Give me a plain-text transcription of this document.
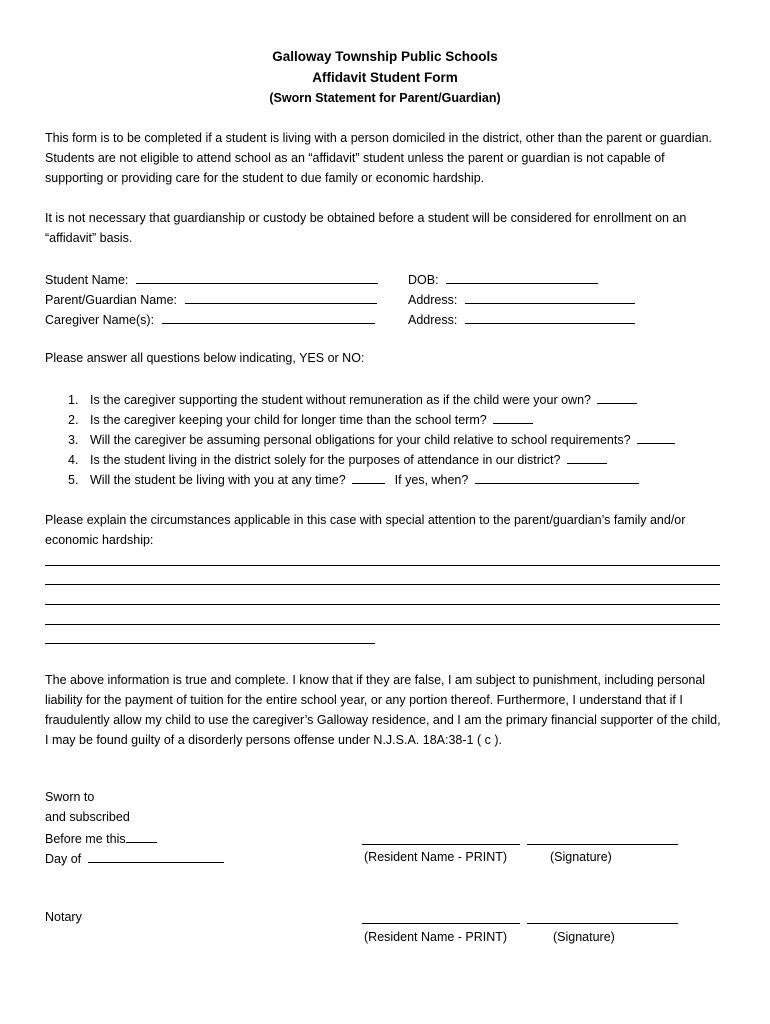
Galloway Township Public Schools
Affidavit Student Form
(Sworn Statement for Parent/Guardian)
This form is to be completed if a student is living with a person domiciled in the district, other than the parent or guardian. Students are not eligible to attend school as an “affidavit” student unless the parent or guardian is not capable of supporting or providing care for the student to due family or economic hardship.
It is not necessary that guardianship or custody be obtained before a student will be considered for enrollment on an “affidavit” basis.
Student Name:
Parent/Guardian Name:
Caregiver Name(s):
DOB:
Address:
Address:
Please answer all questions below indicating, YES or NO:
1. Is the caregiver supporting the student without remuneration as if the child were your own?
2. Is the caregiver keeping your child for longer time than the school term?
3. Will the caregiver be assuming personal obligations for your child relative to school requirements?
4. Is the student living in the district solely for the purposes of attendance in our district?
5. Will the student be living with you at any time?	If yes, when?
Please explain the circumstances applicable in this case with special attention to the parent/guardian’s family and/or economic hardship:
The above information is true and complete. I know that if they are false, I am subject to punishment, including personal liability for the payment of tuition for the entire school year, or any portion thereof. Furthermore, I understand that if I fraudulently allow my child to use the caregiver’s Galloway residence, and I am the primary financial supporter of the child, I may be found guilty of a disorderly persons offense under N.J.S.A. 18A:38-1 ( c ).
Sworn to
and subscribed
Before me this
Day of	(Resident Name - PRINT)	(Signature)
Notary
(Resident Name - PRINT)	(Signature)
